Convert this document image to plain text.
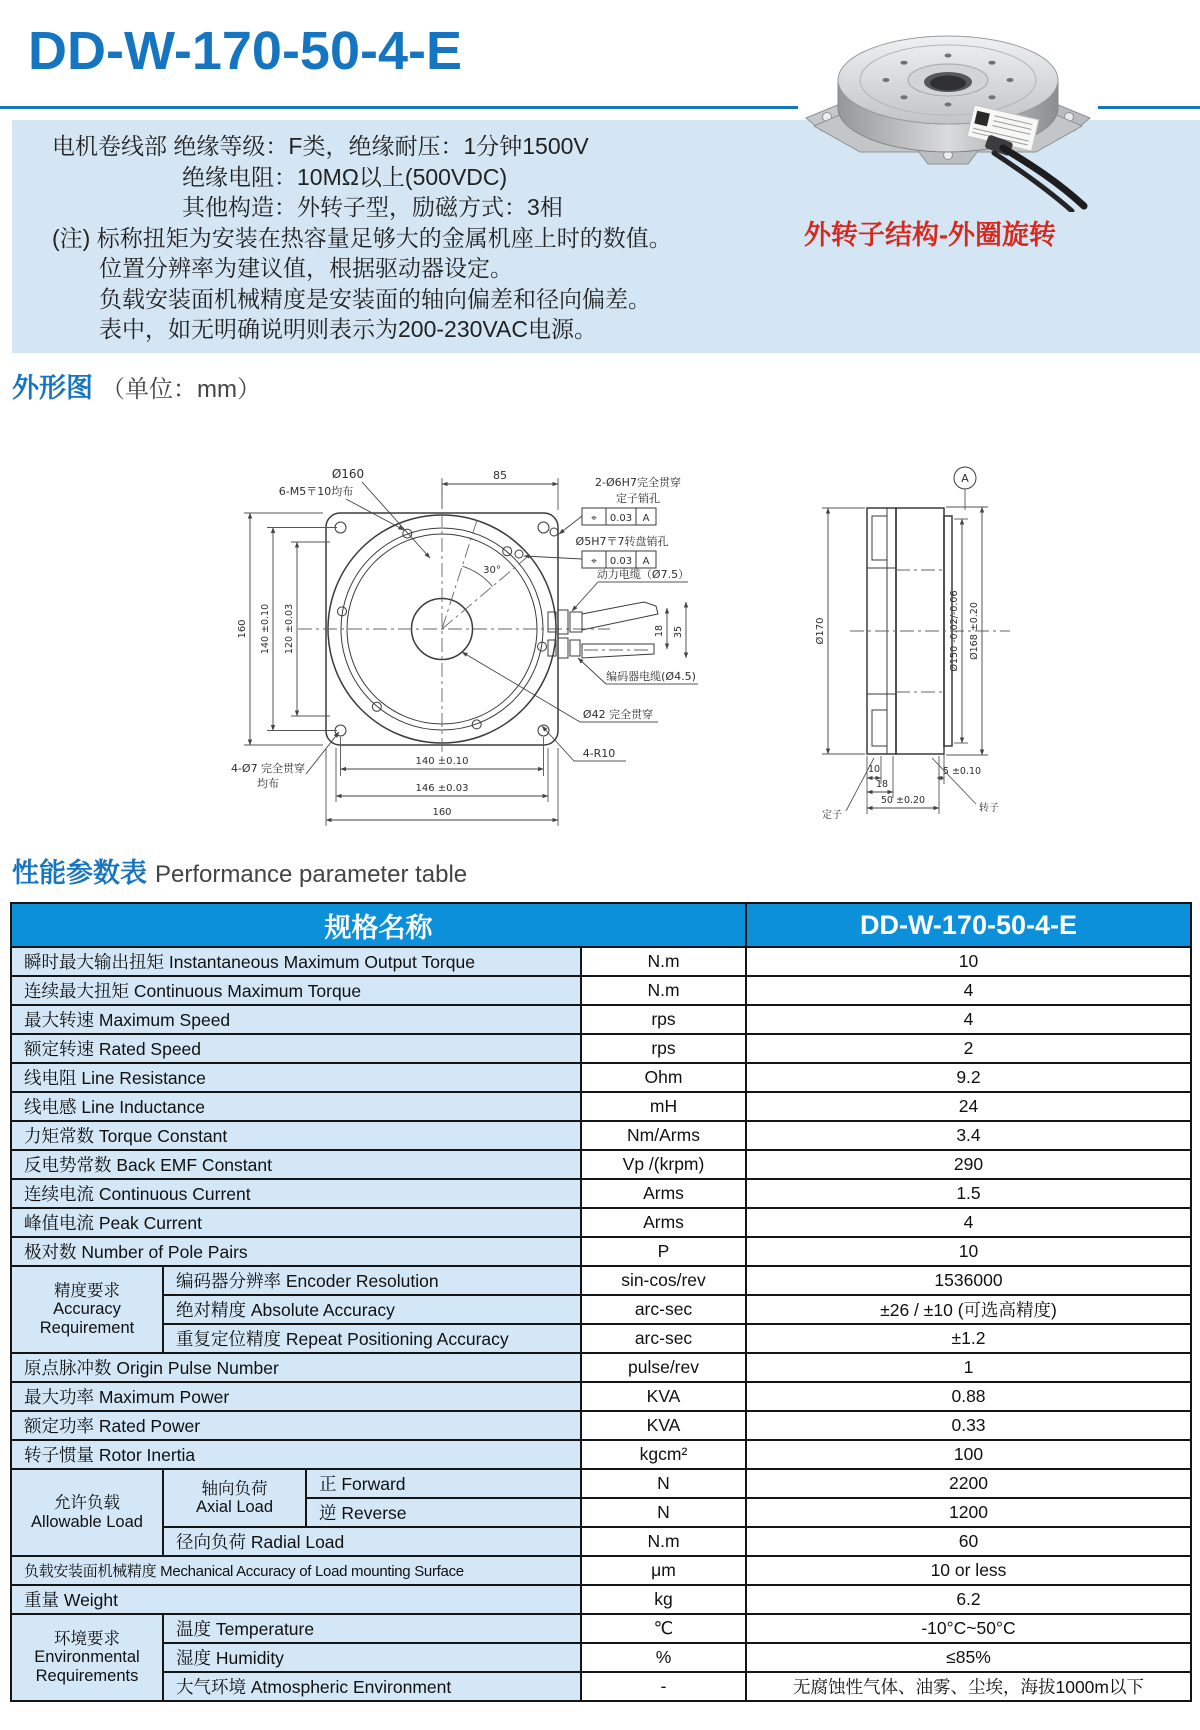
DD-W-170-50-4-E
电机卷线部 绝缘等级：F类，绝缘耐压：1分钟1500V
绝缘电阻：10MΩ以上(500VDC)
其他构造：外转子型，励磁方式：3相
(注) 标称扭矩为安装在热容量足够大的金属机座上时的数值。
位置分辨率为建议值，根据驱动器设定。
负载安装面机械精度是安装面的轴向偏差和径向偏差。
表中，如无明确说明则表示为200-230VAC电源。
外转子结构-外圈旋转
外形图 （单位：mm）
85
Ø160
6-M5〒10均布
2-Ø6H7完全贯穿
定子销孔
⌖ 0.03 A
Ø5H7〒7转盘销孔
⌖ 0.03 A
30°	动力电缆（Ø7.5）
编码器电缆(Ø4.5)
18 35
Ø42 完全贯穿
4-R10
4-Ø7 完全贯穿
均布
140 ±0.10
146 ±0.03
160
160 140 ±0.10 120 ±0.03
A
Ø170	Ø150 -0.02/-0.06 Ø168 ±0.20
10
18
5 ±0.10
50 ±0.20
定子
转子
性能参数表 Performance parameter table
规格名称				DD-W-170-50-4-E
瞬时最大输出扭矩 Instantaneous Maximum Output Torque			N.m	10
连续最大扭矩 Continuous Maximum Torque			N.m	4
最大转速 Maximum Speed			rps	4
额定转速 Rated Speed			rps	2
线电阻 Line Resistance			Ohm	9.2
线电感 Line Inductance			mH	24
力矩常数 Torque Constant			Nm/Arms	3.4
反电势常数 Back EMF Constant			Vp /(krpm)	290
连续电流 Continuous Current			Arms	1.5
峰值电流 Peak Current			Arms	4
极对数 Number of Pole Pairs			P	10
精度要求
Accuracy
Requirement	编码器分辨率 Encoder Resolution		sin-cos/rev	1536000
	绝对精度 Absolute Accuracy		arc-sec	±26 / ±10 (可选高精度)
	重复定位精度 Repeat Positioning Accuracy		arc-sec	±1.2
原点脉冲数 Origin Pulse Number			pulse/rev	1
最大功率 Maximum Power			KVA	0.88
额定功率 Rated Power			KVA	0.33
转子惯量 Rotor Inertia			kgcm²	100
允许负载
Allowable Load	轴向负荷
Axial Load	正 Forward	N	2200
		逆 Reverse	N	1200
	径向负荷 Radial Load		N.m	60
负载安装面机械精度 Mechanical Accuracy of Load mounting Surface			μm	10 or less
重量 Weight			kg	6.2
环境要求
Environmental
Requirements	温度 Temperature		℃	-10°C~50°C
	湿度 Humidity		%	≤85%
	大气环境 Atmospheric Environment		-	无腐蚀性气体、油雾、尘埃，海拔1000m以下
